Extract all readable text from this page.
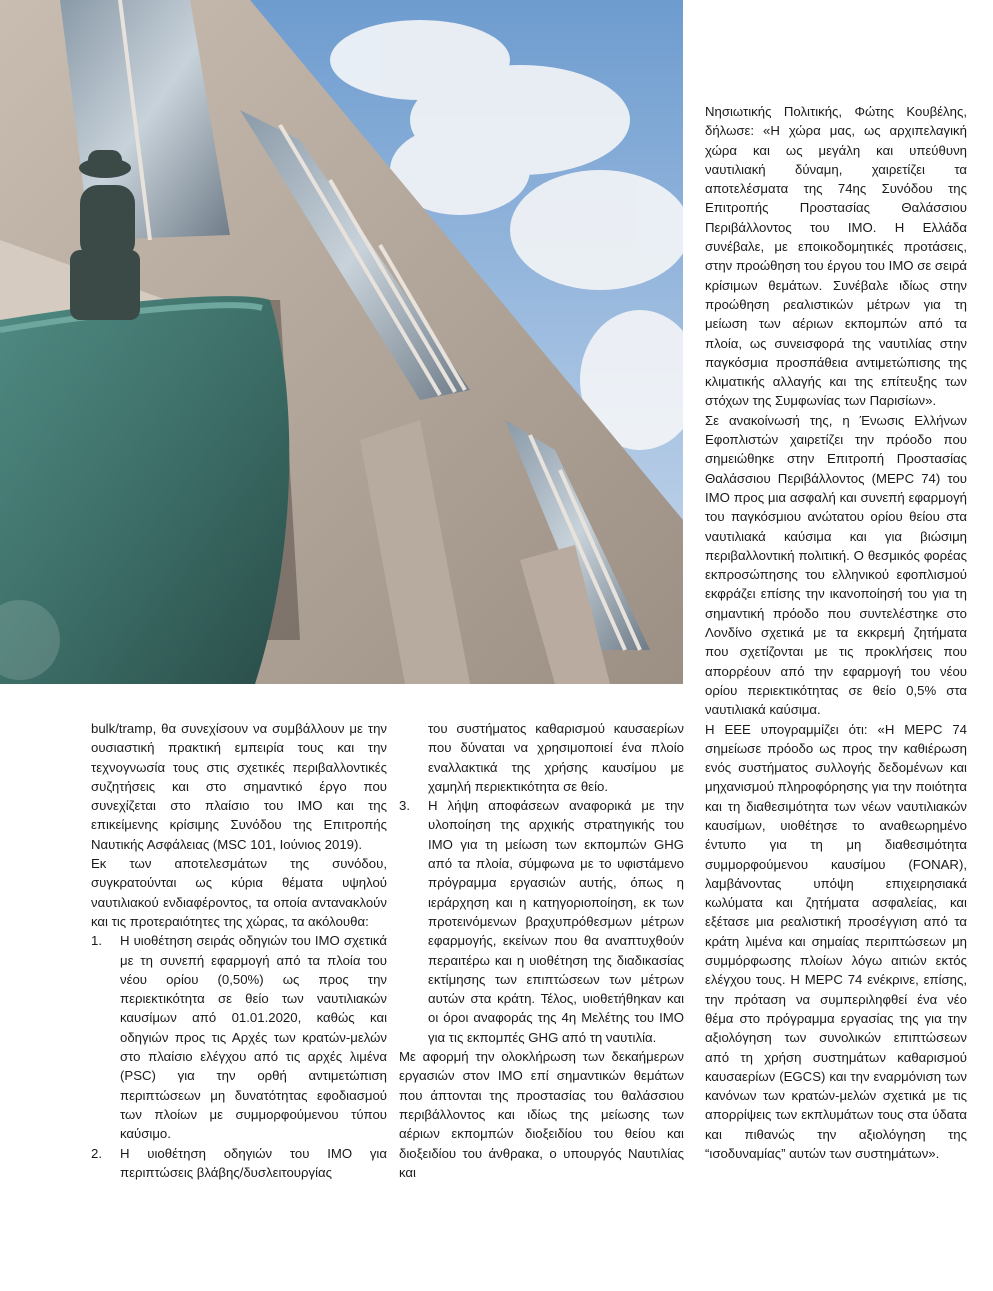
bulk/tramp, θα συνεχίσουν να συμβάλλουν με την ουσιαστική πρακτική εμπειρία τους και την τεχνογνωσία τους στις σχετικές περιβαλλοντικές συζητήσεις και στο σημαντικό έργο που συνεχίζεται στο πλαίσιο του IMO και της επικείμενης κρίσιμης Συνόδου της Επιτροπής Ναυτικής Ασφάλειας (MSC 101, Ιούνιος 2019).

Εκ των αποτελεσμάτων της συνόδου, συγκρατούνται ως κύρια θέματα υψηλού ναυτιλιακού ενδιαφέροντος, τα οποία αντανακλούν και τις προτεραιότητες της χώρας, τα ακόλουθα:

1. Η υιοθέτηση σειράς οδηγιών του IMO σχετικά με τη συνεπή εφαρμογή από τα πλοία του νέου ορίου (0,50%) ως προς την περιεκτικότητα σε θείο των ναυτιλιακών καυσίμων από 01.01.2020, καθώς και οδηγιών προς τις Αρχές των κρατών-μελών στο πλαίσιο ελέγχου από τις αρχές λιμένα (PSC) για την ορθή αντιμετώπιση περιπτώσεων μη δυνατότητας εφοδιασμού των πλοίων με συμμορφούμενου τύπου καύσιμο.
2. Η υιοθέτηση οδηγιών του IMO για περιπτώσεις βλάβης/δυσλειτουργίας
του συστήματος καθαρισμού καυσαερίων που δύναται να χρησιμοποιεί ένα πλοίο εναλλακτικά της χρήσης καυσίμου με χαμηλή περιεκτικότητα σε θείο.
3. Η λήψη αποφάσεων αναφορικά με την υλοποίηση της αρχικής στρατηγικής του IMO για τη μείωση των εκπομπών GHG από τα πλοία, σύμφωνα με το υφιστάμενο πρόγραμμα εργασιών αυτής, όπως η ιεράρχηση και η κατηγοριοποίηση, εκ των προτεινόμενων βραχυπρόθεσμων μέτρων εφαρμογής, εκείνων που θα αναπτυχθούν περαιτέρω και η υιοθέτηση της διαδικασίας εκτίμησης των επιπτώσεων των μέτρων αυτών στα κράτη. Τέλος, υιοθετήθηκαν και οι όροι αναφοράς της 4η Μελέτης του IMO για τις εκπομπές GHG από τη ναυτιλία.

Με αφορμή την ολοκλήρωση των δεκαήμερων εργασιών στον IMO επί σημαντικών θεμάτων που άπτονται της προστασίας του θαλάσσιου περιβάλλοντος και ιδίως της μείωσης των αέριων εκπομπών διοξειδίου του θείου και διοξειδίου του άνθρακα, ο υπουργός Ναυτιλίας και

Νησιωτικής Πολιτικής, Φώτης Κουβέλης, δήλωσε: «Η χώρα μας, ως αρχιπελαγική χώρα και ως μεγάλη και υπεύθυνη ναυτιλιακή δύναμη, χαιρετίζει τα αποτελέσματα της 74ης Συνόδου της Επιτροπής Προστασίας Θαλάσσιου Περιβάλλοντος του IMO. Η Ελλάδα συνέβαλε, με εποικοδομητικές προτάσεις, στην προώθηση του έργου του IMO σε σειρά κρίσιμων θεμάτων. Συνέβαλε ιδίως στην προώθηση ρεαλιστικών μέτρων για τη μείωση των αέριων εκπομπών από τα πλοία, ως συνεισφορά της ναυτιλίας στην παγκόσμια προσπάθεια αντιμετώπισης της κλιματικής αλλαγής και της επίτευξης των στόχων της Συμφωνίας των Παρισίων».

Σε ανακοίνωσή της, η Ένωσις Ελλήνων Εφοπλιστών χαιρετίζει την πρόοδο που σημειώθηκε στην Επιτροπή Προστασίας Θαλάσσιου Περιβάλλοντος (MEPC 74) του IMO προς μια ασφαλή και συνεπή εφαρμογή του παγκόσμιου ανώτατου ορίου θείου στα ναυτιλιακά καύσιμα και για βιώσιμη περιβαλλοντική πολιτική. Ο θεσμικός φορέας εκπροσώπησης του ελληνικού εφοπλισμού εκφράζει επίσης την ικανοποίησή του για τη σημαντική πρόοδο που συντελέστηκε στο Λονδίνο σχετικά με τα εκκρεμή ζητήματα που σχετίζονται με τις προκλήσεις που απορρέουν από την εφαρμογή του νέου ορίου περιεκτικότητας σε θείο 0,5% στα ναυτιλιακά καύσιμα.

Η ΕΕΕ υπογραμμίζει ότι: «Η MEPC 74 σημείωσε πρόοδο ως προς την καθιέρωση ενός συστήματος συλλογής δεδομένων και μηχανισμού πληροφόρησης για την ποιότητα και τη διαθεσιμότητα των νέων ναυτιλιακών καυσίμων, υιοθέτησε το αναθεωρημένο έντυπο για τη μη διαθεσιμότητα συμμορφούμενου καυσίμου (FONAR), λαμβάνοντας υπόψη επιχειρησιακά κωλύματα και ζητήματα ασφαλείας, και εξέτασε μια ρεαλιστική προσέγγιση από τα κράτη λιμένα και σημαίας περιπτώσεων μη συμμόρφωσης πλοίων λόγω αιτιών εκτός ελέγχου τους. Η MEPC 74 ενέκρινε, επίσης, την πρόταση να συμπεριληφθεί ένα νέο θέμα στο πρόγραμμα εργασίας της για την αξιολόγηση των συνολικών επιπτώσεων από τη χρήση συστημάτων καθαρισμού καυσαερίων (EGCS) και την εναρμόνιση των κανόνων των κρατών-μελών σχετικά με τις απορρίψεις των εκπλυμάτων τους στα ύδατα και πιθανώς την αξιολόγηση της “ισοδυναμίας” αυτών των συστημάτων».
